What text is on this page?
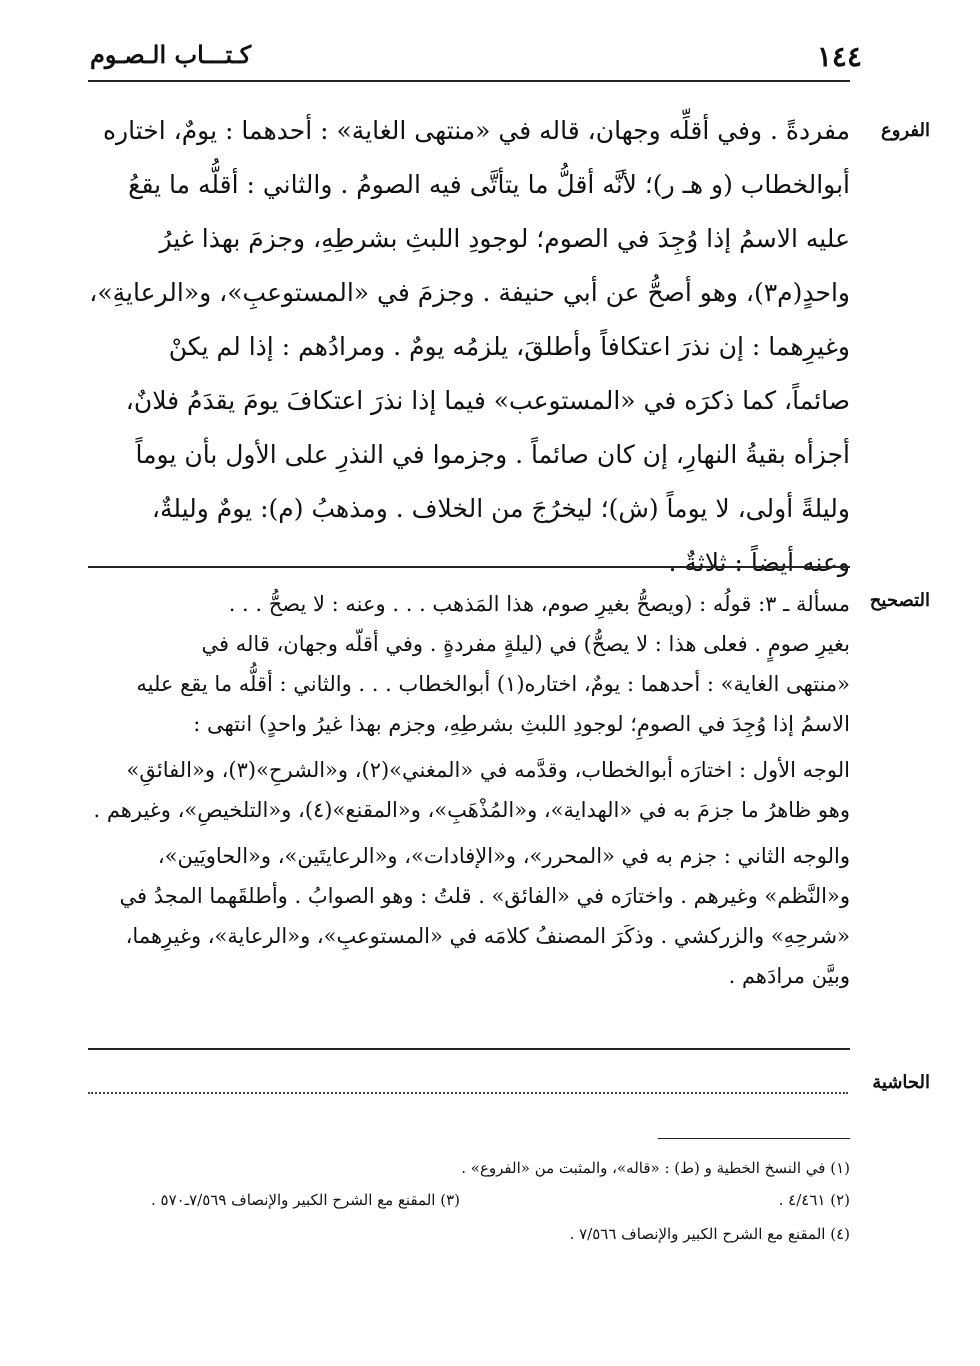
١٤٤
كـتـــاب الـصـوم
الفروع

مفردةً . وفي أقلِّه وجهان، قاله في «منتهى الغاية» : أحدهما : يومٌ، اختاره

أبوالخطاب (و هـ ر)؛ لأنَّه أقلُّ ما يتأتَّى فيه الصومُ . والثاني : أقلُّه ما يقعُ

عليه الاسمُ إذا وُجِدَ في الصوم؛ لوجودِ اللبثِ بشرطِهِ، وجزمَ بهذا غيرُ

واحدٍ(م٣)، وهو أصحُّ عن أبي حنيفة . وجزمَ في «المستوعبِ»، و«الرعايةِ»،

وغيرِهما : إن نذرَ اعتكافاً وأطلقَ، يلزمُه يومٌ . ومرادُهم : إذا لم يكنْ

صائماً، كما ذكرَه في «المستوعب» فيما إذا نذرَ اعتكافَ يومَ يقدَمُ فلانٌ،

أجزأه بقيةُ النهارِ، إن كان صائماً . وجزموا في النذرِ على الأول بأن يوماً

وليلةً أولى، لا يوماً (ش)؛ ليخرُجَ من الخلاف . ومذهبُ (م): يومٌ وليلةٌ،

وعنه أيضاً : ثلاثةٌ .

التصحيح

مسألة ـ ٣: قولُه : (ويصحُّ بغيرِ صوم، هذا المَذهب . . . وعنه : لا يصحُّ . . .

بغيرِ صومٍ . فعلى هذا : لا يصحُّ) في (ليلةٍ مفردةٍ . وفي أقلّه وجهان، قاله في

«منتهى الغاية» : أحدهما : يومٌ، اختاره(١) أبوالخطاب . . . والثاني : أقلُّه ما يقع عليه

الاسمُ إذا وُجِدَ في الصومِ؛ لوجودِ اللبثِ بشرطِهِ، وجزم بهذا غيرُ واحدٍ) انتهى :

الوجه الأول : اختارَه أبوالخطاب، وقدَّمه في «المغني»(٢)، و«الشرحِ»(٣)، و«الفائقِ»

وهو ظاهرُ ما جزمَ به في «الهداية»، و«المُذْهَبِ»، و«المقنع»(٤)، و«التلخيصِ»، وغيرهم .

والوجه الثاني : جزم به في «المحرر»، و«الإفادات»، و«الرعايتَين»، و«الحاويَين»،

و«النَّظم» وغيرهم . واختارَه في «الفائق» . قلتُ : وهو الصوابُ . وأطلقَهما المجدُ في

«شرحِهِ» والزركشي . وذكَرَ المصنفُ كلامَه في «المستوعبِ»، و«الرعاية»، وغيرِهما،

وبيَّن مرادَهم .

الحاشية
(١) في النسخ الخطية و (ط) : «قاله»، والمثبت من «الفروع» .
(٢) ٤/٤٦١ .
(٣) المقنع مع الشرح الكبير والإنصاف ٧/٥٦٩ـ٥٧٠ .
(٤) المقنع مع الشرح الكبير والإنصاف ٧/٥٦٦ .
